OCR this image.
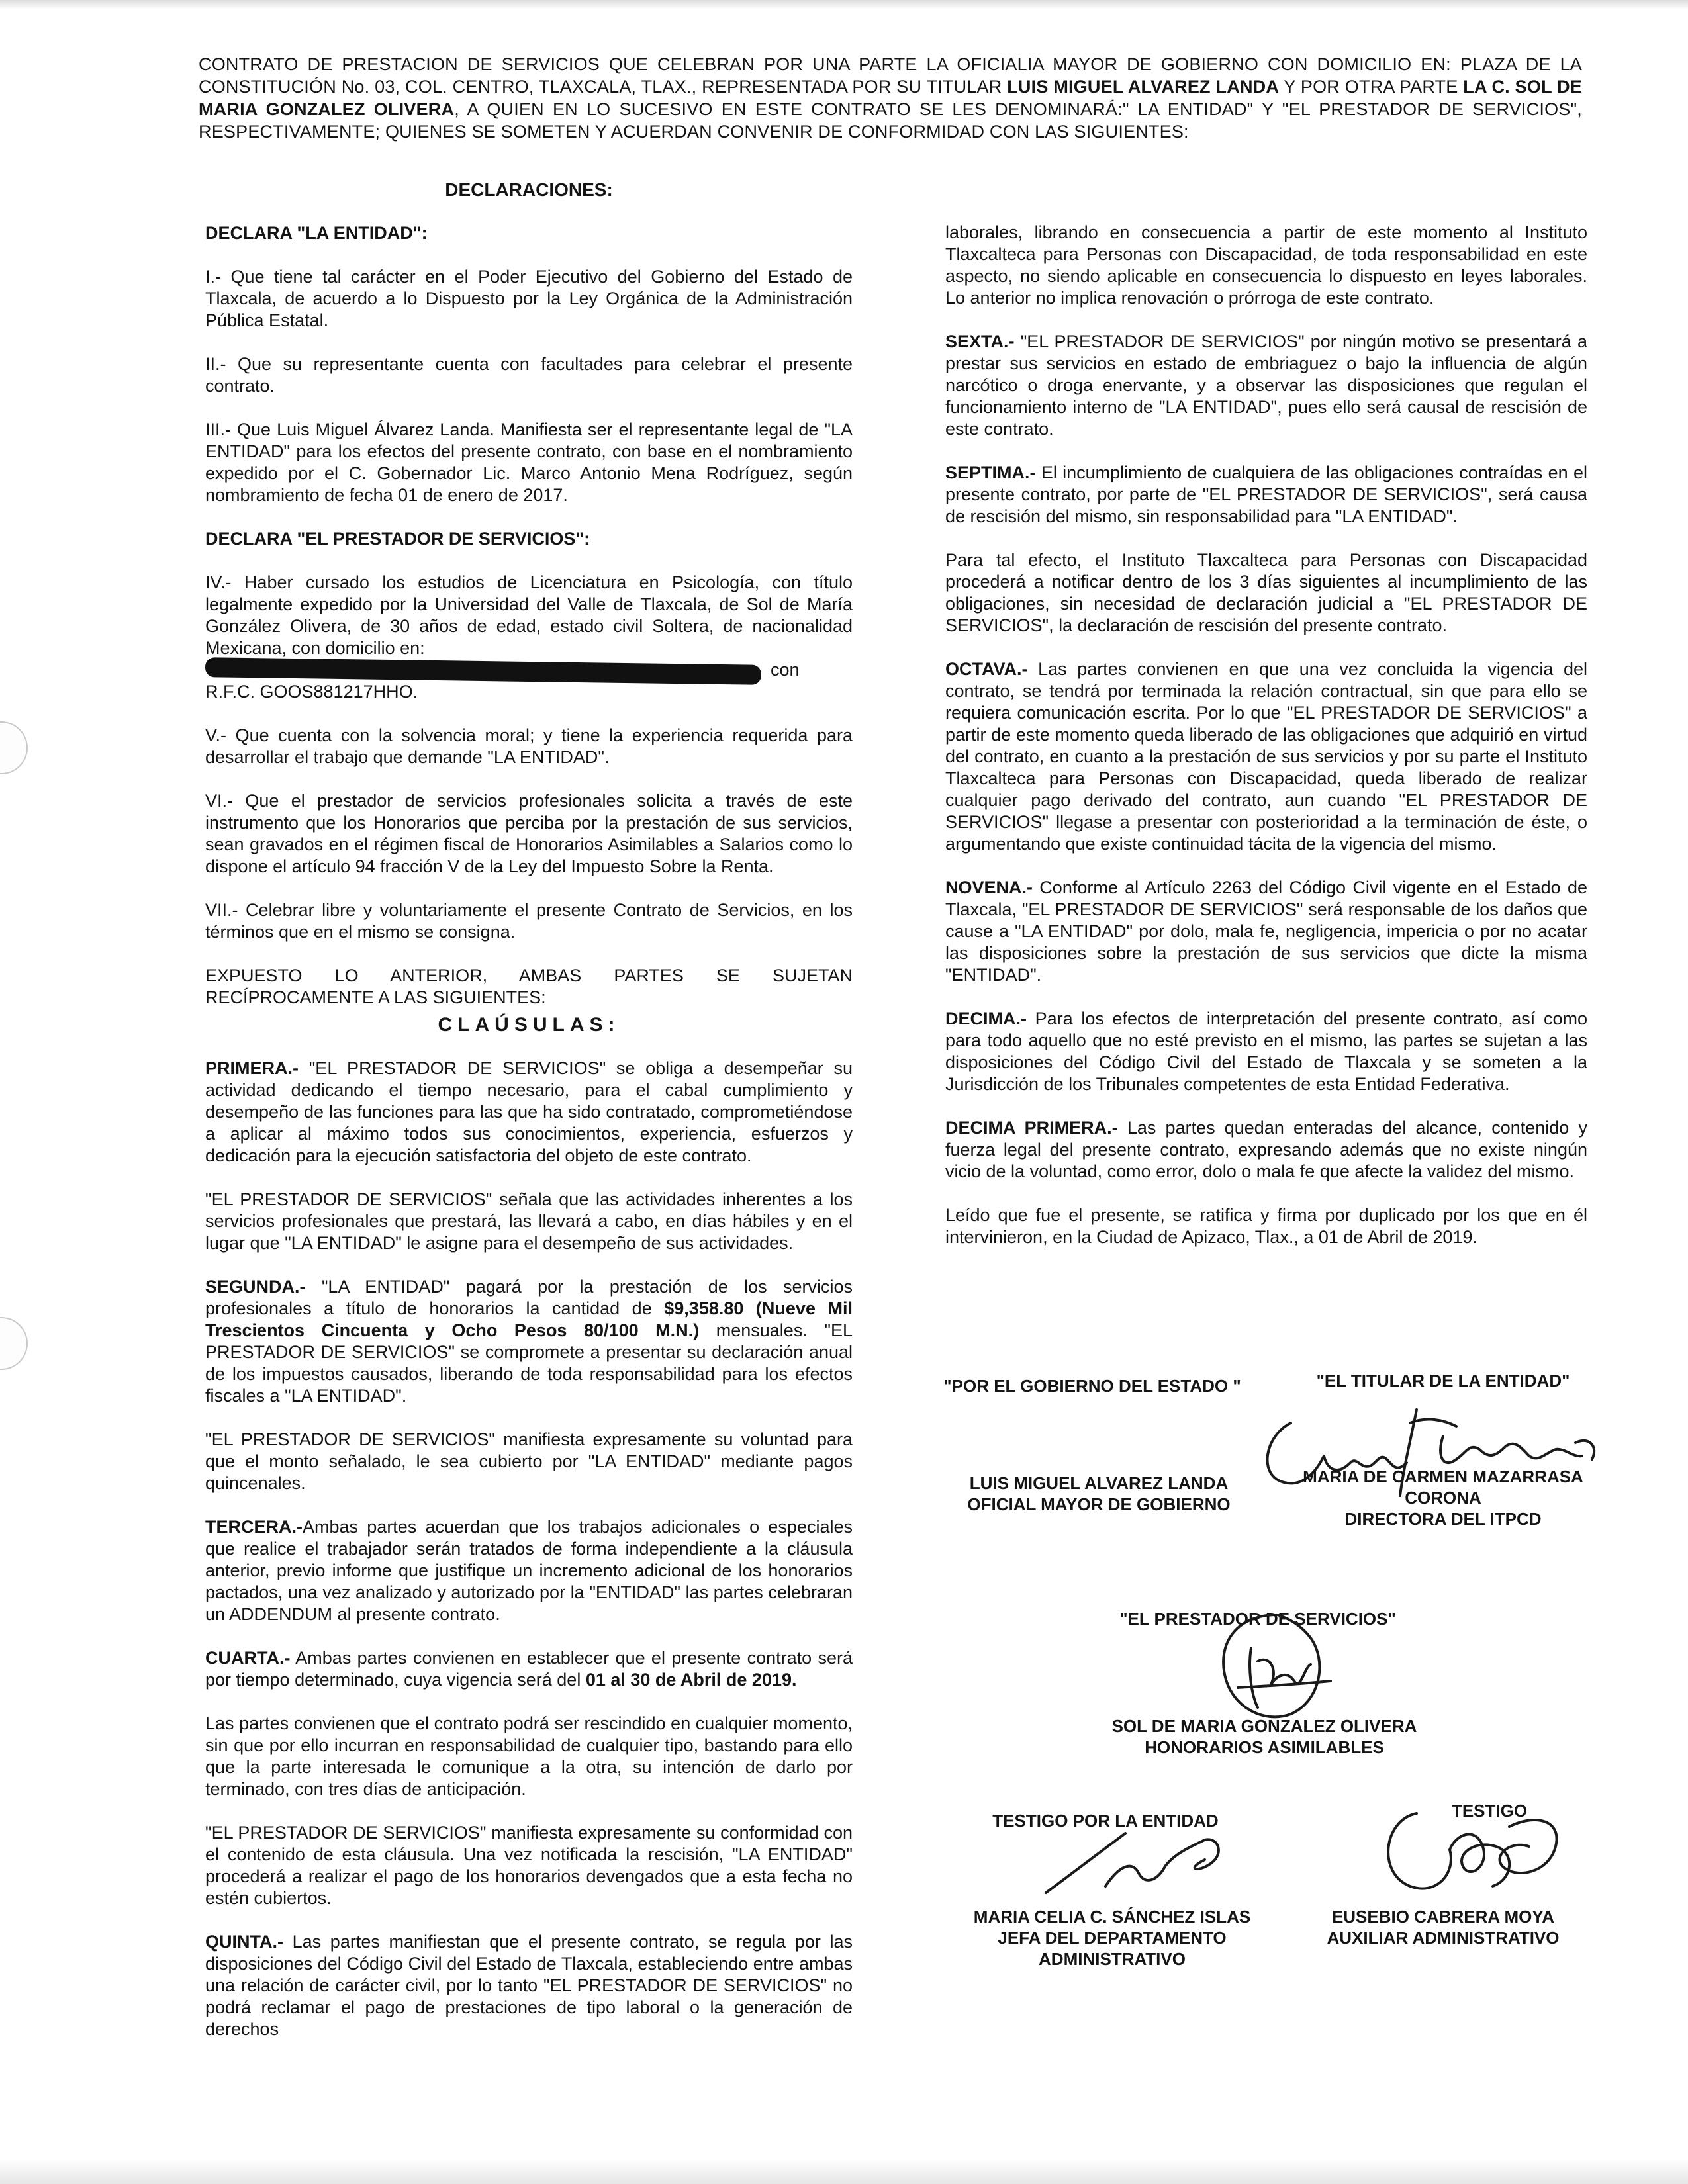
CONTRATO DE PRESTACION DE SERVICIOS QUE CELEBRAN POR UNA PARTE LA OFICIALIA MAYOR DE GOBIERNO CON DOMICILIO EN: PLAZA DE LA CONSTITUCIÓN No. 03, COL. CENTRO, TLAXCALA, TLAX., REPRESENTADA POR SU TITULAR LUIS MIGUEL ALVAREZ LANDA Y POR OTRA PARTE LA C. SOL DE MARIA GONZALEZ OLIVERA, A QUIEN EN LO SUCESIVO EN ESTE CONTRATO SE LES DENOMINARÁ:" LA ENTIDAD" Y "EL PRESTADOR DE SERVICIOS", RESPECTIVAMENTE; QUIENES SE SOMETEN Y ACUERDAN CONVENIR DE CONFORMIDAD CON LAS SIGUIENTES:

DECLARACIONES:

DECLARA "LA ENTIDAD":

I.- Que tiene tal carácter en el Poder Ejecutivo del Gobierno del Estado de Tlaxcala, de acuerdo a lo Dispuesto por la Ley Orgánica de la Administración Pública Estatal.

II.- Que su representante cuenta con facultades para celebrar el presente contrato.

III.- Que Luis Miguel Álvarez Landa. Manifiesta ser el representante legal de "LA ENTIDAD" para los efectos del presente contrato, con base en el nombramiento expedido por el C. Gobernador Lic. Marco Antonio Mena Rodríguez, según nombramiento de fecha 01 de enero de 2017.

DECLARA "EL PRESTADOR DE SERVICIOS":

IV.- Haber cursado los estudios de Licenciatura en Psicología, con título legalmente expedido por la Universidad del Valle de Tlaxcala, de Sol de María González Olivera, de 30 años de edad, estado civil Soltera, de nacionalidad Mexicana, con domicilio en:
con R.F.C. GOOS881217HHO.

V.- Que cuenta con la solvencia moral; y tiene la experiencia requerida para desarrollar el trabajo que demande "LA ENTIDAD".

VI.- Que el prestador de servicios profesionales solicita a través de este instrumento que los Honorarios que perciba por la prestación de sus servicios, sean gravados en el régimen fiscal de Honorarios Asimilables a Salarios como lo dispone el artículo 94 fracción V de la Ley del Impuesto Sobre la Renta.

VII.- Celebrar libre y voluntariamente el presente Contrato de Servicios, en los términos que en el mismo se consigna.

EXPUESTO LO ANTERIOR, AMBAS PARTES SE SUJETAN RECÍPROCAMENTE A LAS SIGUIENTES:

CLAÚSULAS:

PRIMERA.- "EL PRESTADOR DE SERVICIOS" se obliga a desempeñar su actividad dedicando el tiempo necesario, para el cabal cumplimiento y desempeño de las funciones para las que ha sido contratado, comprometiéndose a aplicar al máximo todos sus conocimientos, experiencia, esfuerzos y dedicación para la ejecución satisfactoria del objeto de este contrato.

"EL PRESTADOR DE SERVICIOS" señala que las actividades inherentes a los servicios profesionales que prestará, las llevará a cabo, en días hábiles y en el lugar que "LA ENTIDAD" le asigne para el desempeño de sus actividades.

SEGUNDA.- "LA ENTIDAD" pagará por la prestación de los servicios profesionales a título de honorarios la cantidad de $9,358.80 (Nueve Mil Trescientos Cincuenta y Ocho Pesos 80/100 M.N.) mensuales. "EL PRESTADOR DE SERVICIOS" se compromete a presentar su declaración anual de los impuestos causados, liberando de toda responsabilidad para los efectos fiscales a "LA ENTIDAD".

"EL PRESTADOR DE SERVICIOS" manifiesta expresamente su voluntad para que el monto señalado, le sea cubierto por "LA ENTIDAD" mediante pagos quincenales.

TERCERA.-Ambas partes acuerdan que los trabajos adicionales o especiales que realice el trabajador serán tratados de forma independiente a la cláusula anterior, previo informe que justifique un incremento adicional de los honorarios pactados, una vez analizado y autorizado por la "ENTIDAD" las partes celebraran un ADDENDUM al presente contrato.

CUARTA.- Ambas partes convienen en establecer que el presente contrato será por tiempo determinado, cuya vigencia será del 01 al 30 de Abril de 2019.

Las partes convienen que el contrato podrá ser rescindido en cualquier momento, sin que por ello incurran en responsabilidad de cualquier tipo, bastando para ello que la parte interesada le comunique a la otra, su intención de darlo por terminado, con tres días de anticipación.

"EL PRESTADOR DE SERVICIOS" manifiesta expresamente su conformidad con el contenido de esta cláusula. Una vez notificada la rescisión, "LA ENTIDAD" procederá a realizar el pago de los honorarios devengados que a esta fecha no estén cubiertos.

QUINTA.- Las partes manifiestan que el presente contrato, se regula por las disposiciones del Código Civil del Estado de Tlaxcala, estableciendo entre ambas una relación de carácter civil, por lo tanto "EL PRESTADOR DE SERVICIOS" no podrá reclamar el pago de prestaciones de tipo laboral o la generación de derechos

laborales, librando en consecuencia a partir de este momento al Instituto Tlaxcalteca para Personas con Discapacidad, de toda responsabilidad en este aspecto, no siendo aplicable en consecuencia lo dispuesto en leyes laborales. Lo anterior no implica renovación o prórroga de este contrato.

SEXTA.- "EL PRESTADOR DE SERVICIOS" por ningún motivo se presentará a prestar sus servicios en estado de embriaguez o bajo la influencia de algún narcótico o droga enervante, y a observar las disposiciones que regulan el funcionamiento interno de "LA ENTIDAD", pues ello será causal de rescisión de este contrato.

SEPTIMA.- El incumplimiento de cualquiera de las obligaciones contraídas en el presente contrato, por parte de "EL PRESTADOR DE SERVICIOS", será causa de rescisión del mismo, sin responsabilidad para "LA ENTIDAD".

Para tal efecto, el Instituto Tlaxcalteca para Personas con Discapacidad procederá a notificar dentro de los 3 días siguientes al incumplimiento de las obligaciones, sin necesidad de declaración judicial a "EL PRESTADOR DE SERVICIOS", la declaración de rescisión del presente contrato.

OCTAVA.- Las partes convienen en que una vez concluida la vigencia del contrato, se tendrá por terminada la relación contractual, sin que para ello se requiera comunicación escrita. Por lo que "EL PRESTADOR DE SERVICIOS" a partir de este momento queda liberado de las obligaciones que adquirió en virtud del contrato, en cuanto a la prestación de sus servicios y por su parte el Instituto Tlaxcalteca para Personas con Discapacidad, queda liberado de realizar cualquier pago derivado del contrato, aun cuando "EL PRESTADOR DE SERVICIOS" llegase a presentar con posterioridad a la terminación de éste, o argumentando que existe continuidad tácita de la vigencia del mismo.

NOVENA.- Conforme al Artículo 2263 del Código Civil vigente en el Estado de Tlaxcala, "EL PRESTADOR DE SERVICIOS" será responsable de los daños que cause a "LA ENTIDAD" por dolo, mala fe, negligencia, impericia o por no acatar las disposiciones sobre la prestación de sus servicios que dicte la misma "ENTIDAD".

DECIMA.- Para los efectos de interpretación del presente contrato, así como para todo aquello que no esté previsto en el mismo, las partes se sujetan a las disposiciones del Código Civil del Estado de Tlaxcala y se someten a la Jurisdicción de los Tribunales competentes de esta Entidad Federativa.

DECIMA PRIMERA.- Las partes quedan enteradas del alcance, contenido y fuerza legal del presente contrato, expresando además que no existe ningún vicio de la voluntad, como error, dolo o mala fe que afecte la validez del mismo.

Leído que fue el presente, se ratifica y firma por duplicado por los que en él intervinieron, en la Ciudad de Apizaco, Tlax., a 01 de Abril de 2019.

"POR EL GOBIERNO DEL ESTADO "	"EL TITULAR DE LA ENTIDAD"
LUIS MIGUEL ALVAREZ LANDA
OFICIAL MAYOR DE GOBIERNO
MARIA DE CARMEN MAZARRASA
CORONA
DIRECTORA DEL ITPCD
"EL PRESTADOR DE SERVICIOS"
SOL DE MARIA GONZALEZ OLIVERA
HONORARIOS ASIMILABLES
TESTIGO POR LA ENTIDAD	TESTIGO
MARIA CELIA C. SÁNCHEZ ISLAS
JEFA DEL DEPARTAMENTO
ADMINISTRATIVO
EUSEBIO CABRERA MOYA
AUXILIAR ADMINISTRATIVO
